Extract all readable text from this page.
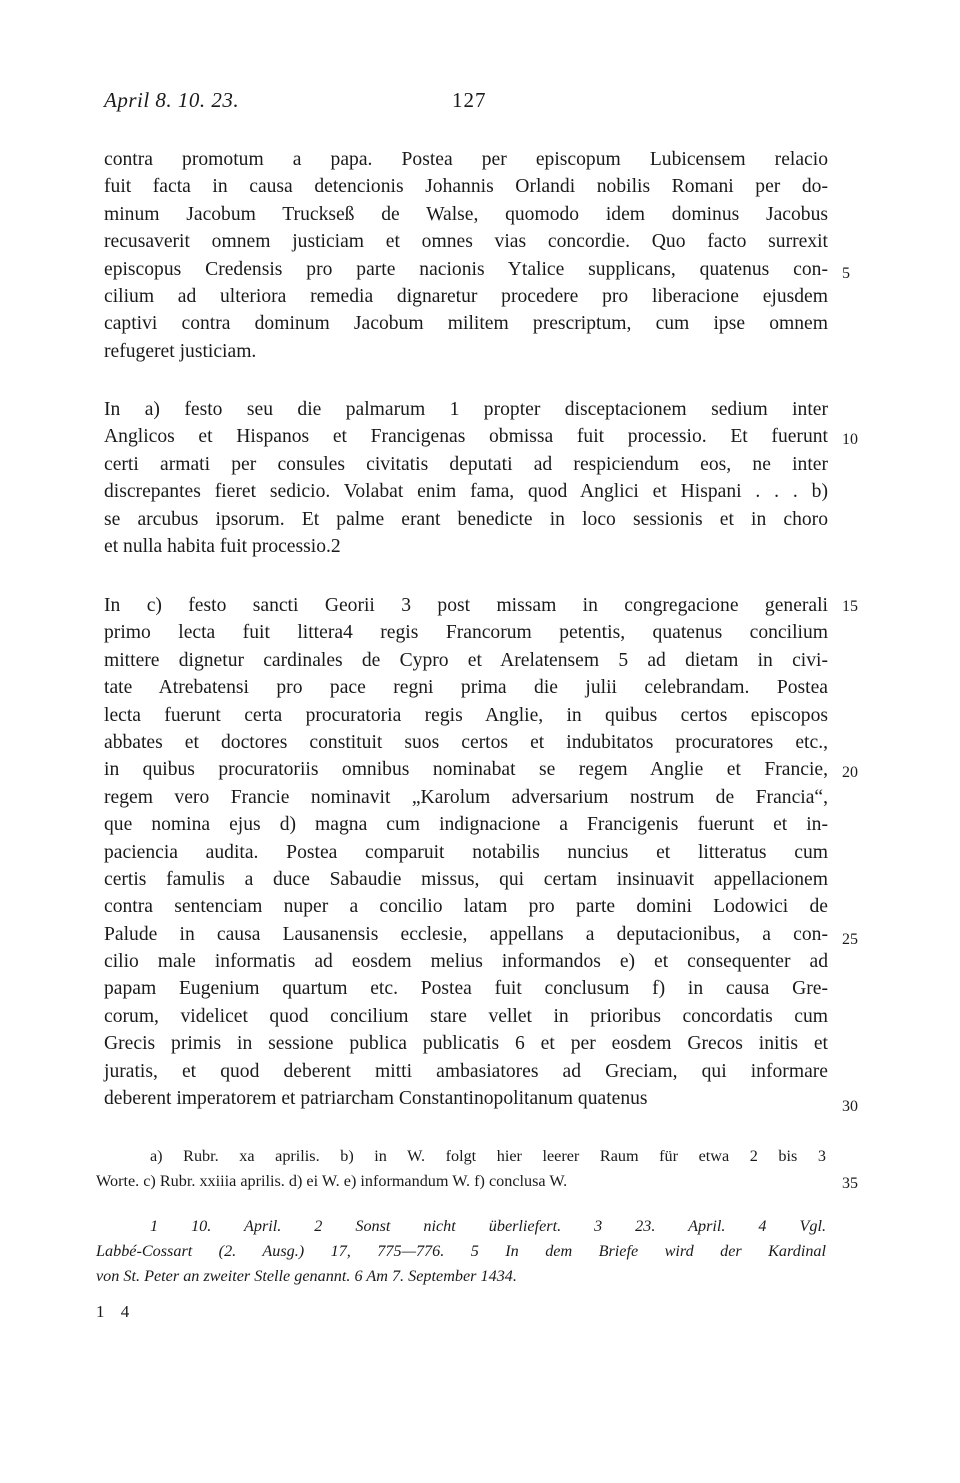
April 8. 10. 23.	127
contra promotum a papa. Postea per episcopum Lubicensem relacio
fuit facta in causa detencionis Johannis Orlandi nobilis Romani per do-
minum Jacobum Truckseß de Walse, quomodo idem dominus Jacobus
recusaverit omnem justiciam et omnes vias concordie. Quo facto surrexit
episcopus Credensis pro parte nacionis Ytalice supplicans, quatenus con-
cilium ad ulteriora remedia dignaretur procedere pro liberacione ejusdem
captivi contra dominum Jacobum militem prescriptum, cum ipse omnem
refugeret justiciam.
In a) festo seu die palmarum 1 propter disceptacionem sedium inter
Anglicos et Hispanos et Francigenas obmissa fuit processio. Et fuerunt
certi armati per consules civitatis deputati ad respiciendum eos, ne inter
discrepantes fieret sedicio. Volabat enim fama, quod Anglici et Hispani . . . b)
se arcubus ipsorum. Et palme erant benedicte in loco sessionis et in choro
et nulla habita fuit processio.2
In c) festo sancti Georii 3 post missam in congregacione generali
primo lecta fuit littera4 regis Francorum petentis, quatenus concilium
mittere dignetur cardinales de Cypro et Arelatensem 5 ad dietam in civi-
tate Atrebatensi pro pace regni prima die julii celebrandam. Postea
lecta fuerunt certa procuratoria regis Anglie, in quibus certos episcopos
abbates et doctores constituit suos certos et indubitatos procuratores etc.,
in quibus procuratoriis omnibus nominabat se regem Anglie et Francie,
regem vero Francie nominavit „Karolum adversarium nostrum de Francia“,
que nomina ejus d) magna cum indignacione a Francigenis fuerunt et in-
paciencia audita. Postea comparuit notabilis nuncius et litteratus cum
certis famulis a duce Sabaudie missus, qui certam insinuavit appellacionem
contra sentenciam nuper a concilio latam pro parte domini Lodowici de
Palude in causa Lausanensis ecclesie, appellans a deputacionibus, a con-
cilio male informatis ad eosdem melius informandos e) et consequenter ad
papam Eugenium quartum etc. Postea fuit conclusum f) in causa Gre-
corum, videlicet quod concilium stare vellet in prioribus concordatis cum
Grecis primis in sessione publica publicatis 6 et per eosdem Grecos initis et
juratis, et quod deberent mitti ambasiatores ad Greciam, qui informare
deberent imperatorem et patriarcham Constantinopolitanum quatenus
5
10
15
20
25
30
35
a) Rubr. xa aprilis. b) in W. folgt hier leerer Raum für etwa 2 bis 3
Worte. c) Rubr. xxiiia aprilis. d) ei W. e) informandum W. f) conclusa W.
1 10. April. 2 Sonst nicht überliefert. 3 23. April. 4 Vgl.
Labbé-Cossart (2. Ausg.) 17, 775—776. 5 In dem Briefe wird der Kardinal
von St. Peter an zweiter Stelle genannt. 6 Am 7. September 1434.
1 4
